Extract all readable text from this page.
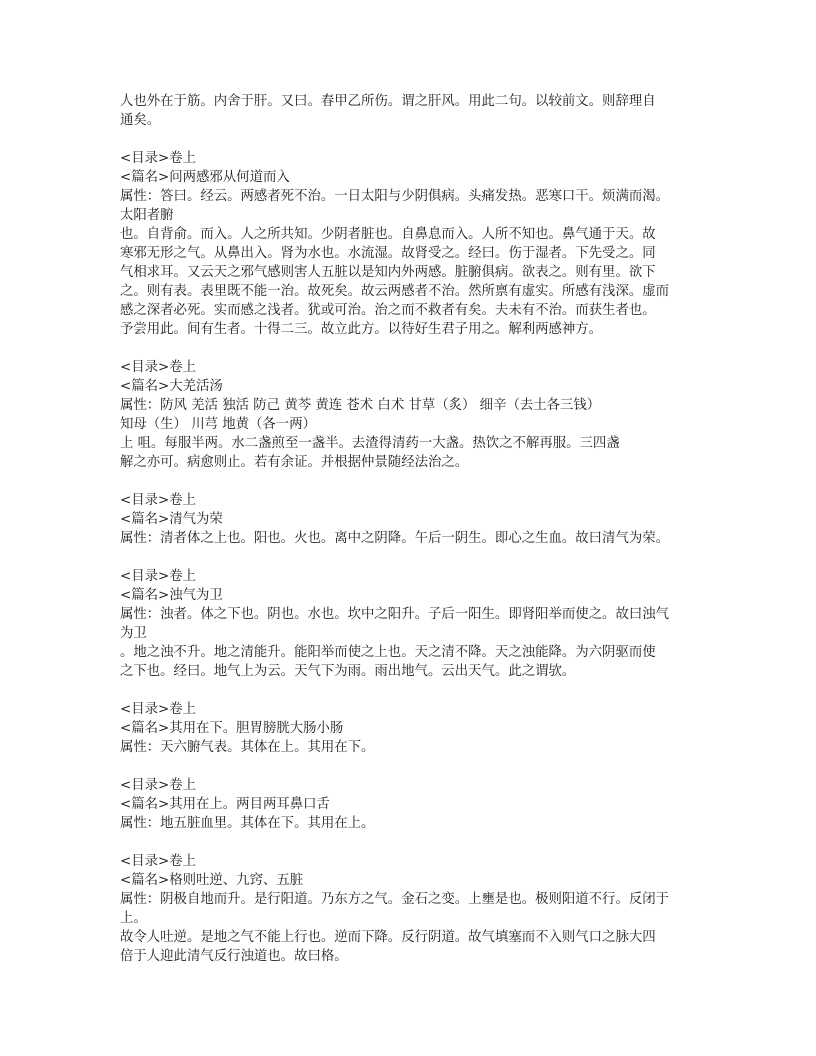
人也外在于筋。内舍于肝。又曰。春甲乙所伤。谓之肝风。用此二句。以较前文。则辞理自
通矣。
<目录>卷上
<篇名>问两感邪从何道而入
属性：答曰。经云。两感者死不治。一日太阳与少阴俱病。头痛发热。恶寒口干。烦满而渴。
太阳者腑
也。自背俞。而入。人之所共知。少阴者脏也。自鼻息而入。人所不知也。鼻气通于天。故
寒邪无形之气。从鼻出入。肾为水也。水流湿。故肾受之。经曰。伤于湿者。下先受之。同
气相求耳。又云天之邪气感则害人五脏以是知内外两感。脏腑俱病。欲表之。则有里。欲下
之。则有表。表里既不能一治。故死矣。故云两感者不治。然所禀有虚实。所感有浅深。虚而
感之深者必死。实而感之浅者。犹或可治。治之而不救者有矣。夫未有不治。而获生者也。
予尝用此。间有生者。十得二三。故立此方。以待好生君子用之。解利两感神方。
<目录>卷上
<篇名>大羌活汤
属性：防风 羌活 独活 防己 黄芩 黄连 苍术 白术 甘草（炙） 细辛（去土各三钱）
知母（生） 川芎 地黄（各一两）
上 咀。每服半两。水二盏煎至一盏半。去渣得清药一大盏。热饮之不解再服。三四盏
解之亦可。病愈则止。若有余证。并根据仲景随经法治之。
<目录>卷上
<篇名>清气为荣
属性：清者体之上也。阳也。火也。离中之阴降。午后一阴生。即心之生血。故曰清气为荣。
<目录>卷上
<篇名>浊气为卫
属性：浊者。体之下也。阴也。水也。坎中之阳升。子后一阳生。即肾阳举而使之。故曰浊气
为卫
。地之浊不升。地之清能升。能阳举而使之上也。天之清不降。天之浊能降。为六阴驱而使
之下也。经曰。地气上为云。天气下为雨。雨出地气。云出天气。此之谓欤。
<目录>卷上
<篇名>其用在下。胆胃膀胱大肠小肠
属性：天六腑气表。其体在上。其用在下。
<目录>卷上
<篇名>其用在上。两目两耳鼻口舌
属性：地五脏血里。其体在下。其用在上。
<目录>卷上
<篇名>格则吐逆、九窍、五脏
属性：阴极自地而升。是行阳道。乃东方之气。金石之变。上壅是也。极则阳道不行。反闭于
上。
故令人吐逆。是地之气不能上行也。逆而下降。反行阴道。故气填塞而不入则气口之脉大四
倍于人迎此清气反行浊道也。故曰格。
